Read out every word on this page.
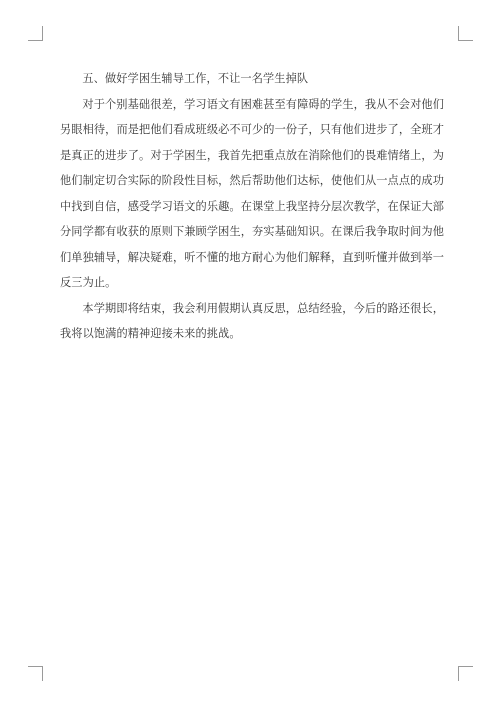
五、做好学困生辅导工作，不让一名学生掉队

对于个别基础很差，学习语文有困难甚至有障碍的学生，我从不会对他们另眼相待，而是把他们看成班级必不可少的一份子，只有他们进步了，全班才是真正的进步了。对于学困生，我首先把重点放在消除他们的畏难情绪上，为他们制定切合实际的阶段性目标，然后帮助他们达标，使他们从一点点的成功中找到自信，感受学习语文的乐趣。在课堂上我坚持分层次教学，在保证大部分同学都有收获的原则下兼顾学困生，夯实基础知识。在课后我争取时间为他们单独辅导，解决疑难，听不懂的地方耐心为他们解释，直到听懂并做到举一反三为止。

本学期即将结束，我会利用假期认真反思，总结经验，今后的路还很长，我将以饱满的精神迎接未来的挑战。
